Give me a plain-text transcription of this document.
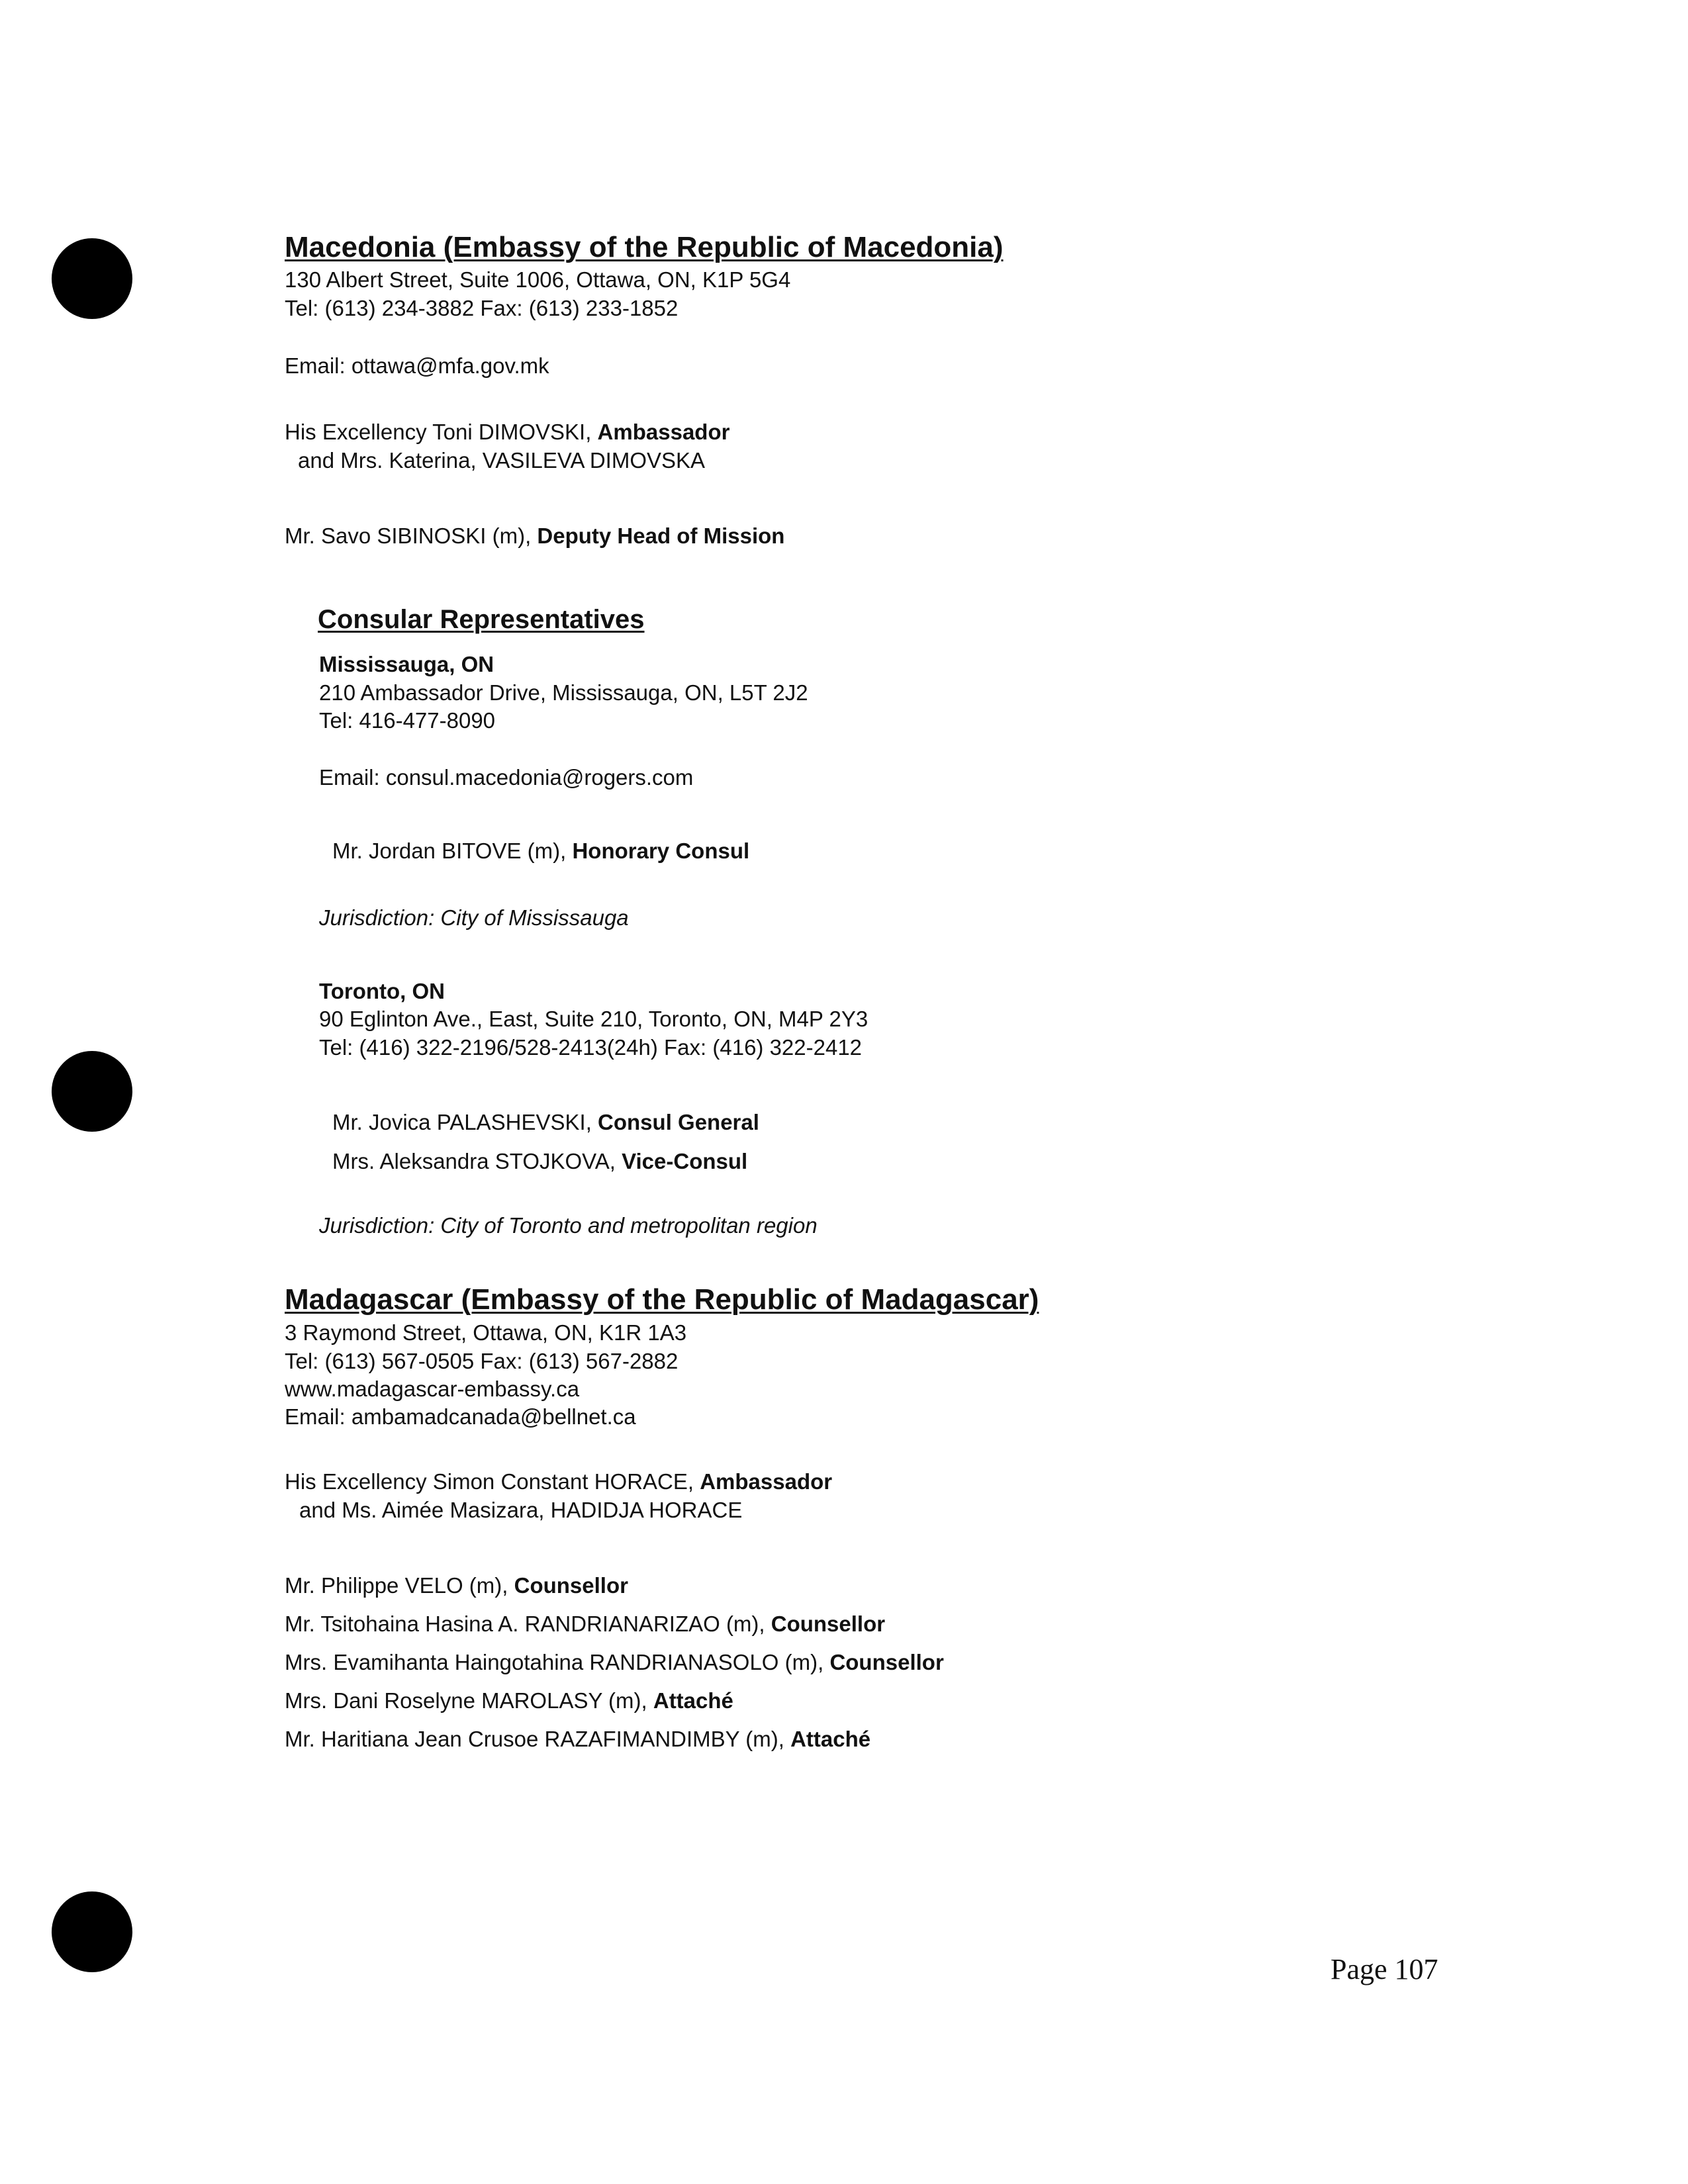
Macedonia (Embassy of the Republic of Macedonia)
130 Albert Street, Suite 1006, Ottawa, ON, K1P 5G4
Tel: (613) 234-3882 Fax: (613) 233-1852
Email: ottawa@mfa.gov.mk
His Excellency Toni DIMOVSKI, Ambassador
and Mrs. Katerina, VASILEVA DIMOVSKA
Mr. Savo SIBINOSKI (m), Deputy Head of Mission
Consular Representatives
Mississauga, ON
210 Ambassador Drive, Mississauga, ON, L5T 2J2
Tel: 416-477-8090
Email: consul.macedonia@rogers.com
Mr. Jordan BITOVE (m), Honorary Consul
Jurisdiction: City of Mississauga
Toronto, ON
90 Eglinton Ave., East, Suite 210, Toronto, ON, M4P 2Y3
Tel: (416) 322-2196/528-2413(24h) Fax: (416) 322-2412
Mr. Jovica PALASHEVSKI, Consul General
Mrs. Aleksandra STOJKOVA, Vice-Consul
Jurisdiction: City of Toronto and metropolitan region
Madagascar (Embassy of the Republic of Madagascar)
3 Raymond Street, Ottawa, ON, K1R 1A3
Tel: (613) 567-0505 Fax: (613) 567-2882
www.madagascar-embassy.ca
Email: ambamadcanada@bellnet.ca
His Excellency Simon Constant HORACE, Ambassador
and Ms. Aimée Masizara, HADIDJA HORACE
Mr. Philippe VELO (m), Counsellor
Mr. Tsitohaina Hasina A. RANDRIANARIZAO (m), Counsellor
Mrs. Evamihanta Haingotahina RANDRIANASOLO (m), Counsellor
Mrs. Dani Roselyne MAROLASY (m), Attaché
Mr. Haritiana Jean Crusoe RAZAFIMANDIMBY (m), Attaché
Page 107
